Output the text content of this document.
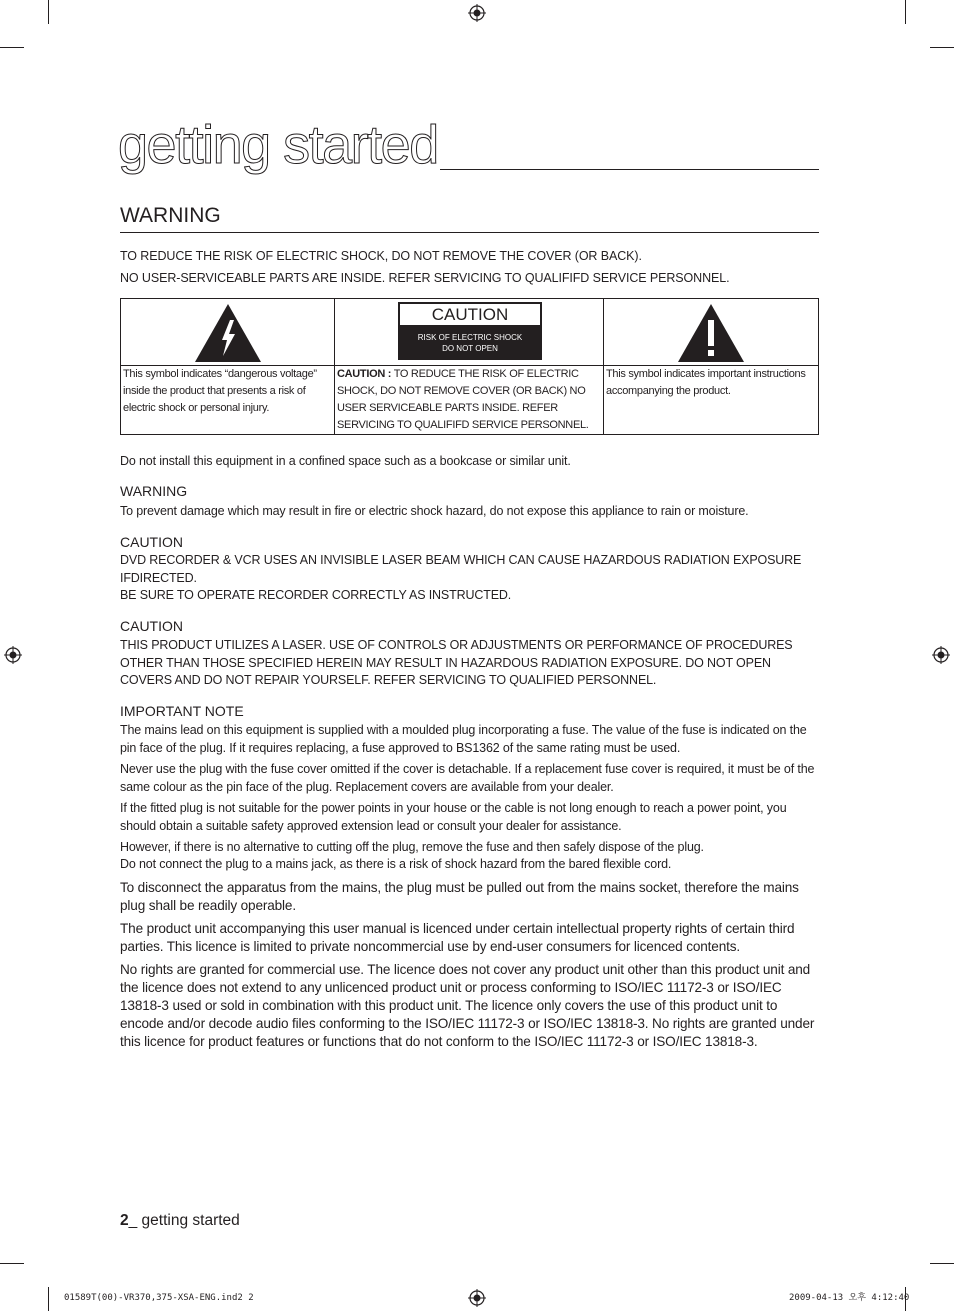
getting started
WARNING
TO REDUCE THE RISK OF ELECTRIC SHOCK, DO NOT REMOVE THE COVER (OR BACK).
NO USER-SERVICEABLE PARTS ARE INSIDE. REFER SERVICING TO QUALIFIFD SERVICE PERSONNEL.

CAUTION
RISK OF ELECTRIC SHOCK
DO NOT OPEN

This symbol indicates “dangerous voltage” inside the product that presents a risk of electric shock or personal injury.	CAUTION : TO REDUCE THE RISK OF ELECTRIC SHOCK, DO NOT REMOVE COVER (OR BACK) NO USER SERVICEABLE PARTS INSIDE. REFER SERVICING TO QUALIFIFD SERVICE PERSONNEL.	This symbol indicates important instructions accompanying the product.
Do not install this equipment in a confined space such as a bookcase or similar unit.
WARNING
To prevent damage which may result in fire or electric shock hazard, do not expose this appliance to rain or moisture.
CAUTION
DVD RECORDER & VCR USES AN INVISIBLE LASER BEAM WHICH CAN CAUSE HAZARDOUS RADIATION EXPOSURE IFDIRECTED.
BE SURE TO OPERATE RECORDER CORRECTLY AS INSTRUCTED.
CAUTION
THIS PRODUCT UTILIZES A LASER. USE OF CONTROLS OR ADJUSTMENTS OR PERFORMANCE OF PROCEDURES OTHER THAN THOSE SPECIFIED HEREIN MAY RESULT IN HAZARDOUS RADIATION EXPOSURE. DO NOT OPEN COVERS AND DO NOT REPAIR YOURSELF. REFER SERVICING TO QUALIFIED PERSONNEL.
IMPORTANT NOTE
The mains lead on this equipment is supplied with a moulded plug incorporating a fuse. The value of the fuse is indicated on the pin face of the plug. If it requires replacing, a fuse approved to BS1362 of the same rating must be used.
Never use the plug with the fuse cover omitted if the cover is detachable. If a replacement fuse cover is required, it must be of the same colour as the pin face of the plug. Replacement covers are available from your dealer.
If the fitted plug is not suitable for the power points in your house or the cable is not long enough to reach a power point, you should obtain a suitable safety approved extension lead or consult your dealer for assistance.
However, if there is no alternative to cutting off the plug, remove the fuse and then safely dispose of the plug.
Do not connect the plug to a mains jack, as there is a risk of shock hazard from the bared flexible cord.
To disconnect the apparatus from the mains, the plug must be pulled out from the mains socket, therefore the mains plug shall be readily operable.
The product unit accompanying this user manual is licenced under certain intellectual property rights of certain third parties. This licence is limited to private noncommercial use by end-user consumers for licenced contents.
No rights are granted for commercial use. The licence does not cover any product unit other than this product unit and the licence does not extend to any unlicenced product unit or process conforming to ISO/IEC 11172-3 or ISO/IEC 13818-3 used or sold in combination with this product unit. The licence only covers the use of this product unit to encode and/or decode audio files conforming to the ISO/IEC 11172-3 or ISO/IEC 13818-3. No rights are granted under this licence for product features or functions that do not conform to the ISO/IEC 11172-3 or ISO/IEC 13818-3.
2_ getting started
01589T(00)-VR370,375-XSA-ENG.ind2 2	2009-04-13 오후 4:12:40
